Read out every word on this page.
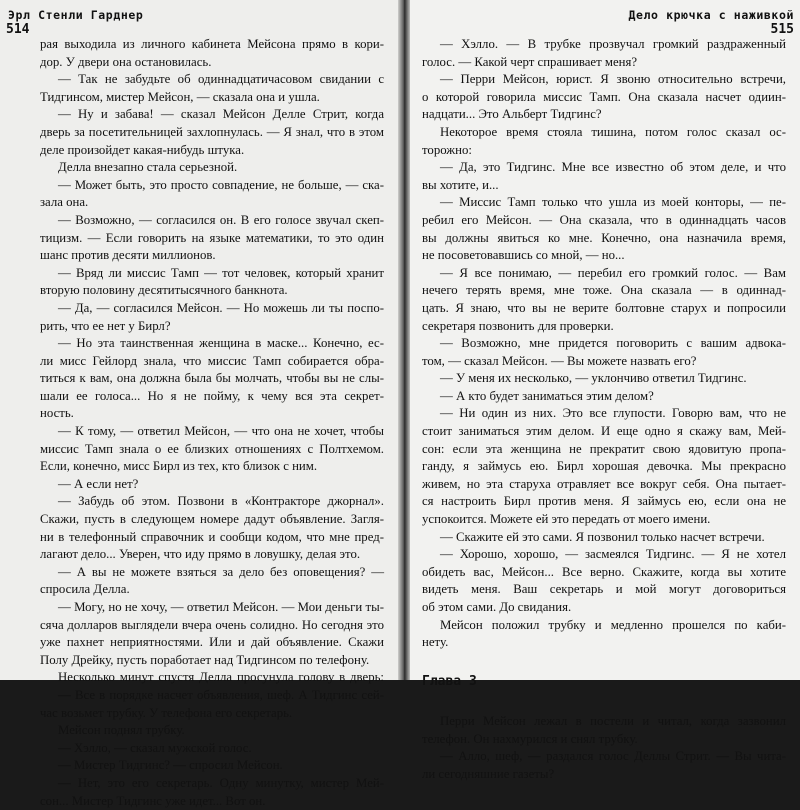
Эрл Стенли Гарднер
514
рая выходила из личного кабинета Мейсона прямо в кори-
дор. У двери она остановилась.
— Так не забудьте об одиннадцатичасовом свидании с
Тидгинсом, мистер Мейсон, — сказала она и ушла.
— Ну и забава! — сказал Мейсон Делле Стрит, когда
дверь за посетительницей захлопнулась. — Я знал, что в этом
деле произойдет какая-нибудь штука.
Делла внезапно стала серьезной.
— Может быть, это просто совпадение, не больше, — ска-
зала она.
— Возможно, — согласился он. В его голосе звучал скеп-
тицизм. — Если говорить на языке математики, то это один
шанс против десяти миллионов.
— Вряд ли миссис Тамп — тот человек, который хранит
вторую половину десятитысячного банкнота.
— Да, — согласился Мейсон. — Но можешь ли ты поспо-
рить, что ее нет у Бирл?
— Но эта таинственная женщина в маске... Конечно, ес-
ли мисс Гейлорд знала, что миссис Тамп собирается обра-
титься к вам, она должна была бы молчать, чтобы вы не слы-
шали ее голоса... Но я не пойму, к чему вся эта секрет-
ность.
— К тому, — ответил Мейсон, — что она не хочет, чтобы
миссис Тамп знала о ее близких отношениях с Полтхемом.
Если, конечно, мисс Бирл из тех, кто близок с ним.
— А если нет?
— Забудь об этом. Позвони в «Контракторе джорнал».
Скажи, пусть в следующем номере дадут объявление. Загля-
ни в телефонный справочник и сообщи кодом, что мне пред-
лагают дело... Уверен, что иду прямо в ловушку, делая это.
— А вы не можете взяться за дело без оповещения? —
спросила Делла.
— Могу, но не хочу, — ответил Мейсон. — Мои деньги ты-
сяча долларов выглядели вчера очень солидно. Но сегодня это
уже пахнет неприятностями. Или и дай объявление. Скажи
Полу Дрейку, пусть поработает над Тидгинсом по телефону.
Несколько минут спустя Делла просунула голову в дверь:
— Все в порядке насчет объявления, шеф. А Тидгинс сей-
час возьмет трубку. У телефона его секретарь.
Мейсон поднял трубку.
— Хэлло, — сказал мужской голос.
— Мистер Тидгинс? — спросил Мейсон.
— Нет, это его секретарь. Одну минутку, мистер Мей-
сон... Мистер Тидгинс уже идет... Вот он.
Дело крючка с наживкой
515
— Хэлло. — В трубке прозвучал громкий раздраженный
голос. — Какой черт спрашивает меня?
— Перри Мейсон, юрист. Я звоню относительно встречи,
о которой говорила миссис Тамп. Она сказала насчет одиин-
надцати... Это Альберт Тидгинс?
Некоторое время стояла тишина, потом голос сказал ос-
торожно:
— Да, это Тидгинс. Мне все известно об этом деле, и что
вы хотите, и...
— Миссис Тамп только что ушла из моей конторы, — пе-
ребил его Мейсон. — Она сказала, что в одиннадцать часов
вы должны явиться ко мне. Конечно, она назначила время,
не посоветовавшись со мной, — но...
— Я все понимаю, — перебил его громкий голос. — Вам
нечего терять время, мне тоже. Она сказала — в одиннад-
цать. Я знаю, что вы не верите болтовне старух и попросили
секретаря позвонить для проверки.
— Возможно, мне придется поговорить с вашим адвока-
том, — сказал Мейсон. — Вы можете назвать его?
— У меня их несколько, — уклончиво ответил Тидгинс.
— А кто будет заниматься этим делом?
— Ни один из них. Это все глупости. Говорю вам, что не
стоит заниматься этим делом. И еще одно я скажу вам, Мей-
сон: если эта женщина не прекратит свою ядовитую пропа-
ганду, я займусь ею. Бирл хорошая девочка. Мы прекрасно
живем, но эта старуха отравляет все вокруг себя. Она пытает-
ся настроить Бирл против меня. Я займусь ею, если она не
успокоится. Можете ей это передать от моего имени.
— Скажите ей это сами. Я позвонил только насчет встречи.
— Хорошо, хорошо, — засмеялся Тидгинс. — Я не хотел
обидеть вас, Мейсон... Все верно. Скажите, когда вы хотите
видеть меня. Ваш секретарь и мой могут договориться
об этом сами. До свидания.
Мейсон положил трубку и медленно прошелся по каби-
нету.
Глава 3
Перри Мейсон лежал в постели и читал, когда зазвонил
телефон. Он нахмурился и снял трубку.
— Алло, шеф, — раздался голос Деллы Стрит. — Вы чита-
ли сегодняшние газеты?
